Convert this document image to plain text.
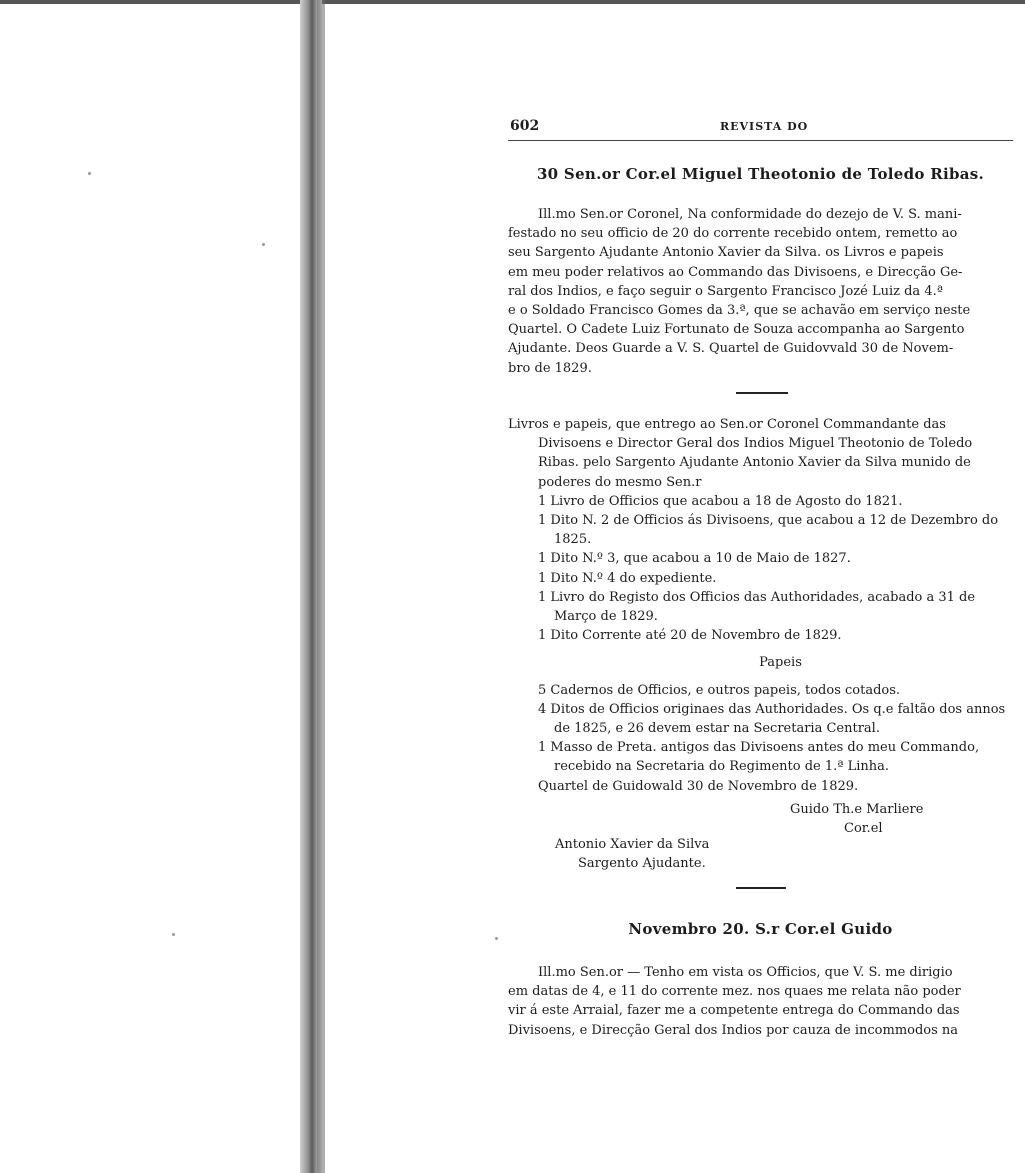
602	REVISTA DO
30 Sen.or Cor.el Miguel Theotonio de Toledo Ribas.
Ill.mo Sen.or Coronel, Na conformidade do dezejo de V. S. mani-
festado no seu officio de 20 do corrente recebido ontem, remetto ao
seu Sargento Ajudante Antonio Xavier da Silva. os Livros e papeis
em meu poder relativos ao Commando das Divisoens, e Direcção Ge-
ral dos Indios, e faço seguir o Sargento Francisco Jozé Luiz da 4.ª
e o Soldado Francisco Gomes da 3.ª, que se achavão em serviço neste
Quartel. O Cadete Luiz Fortunato de Souza accompanha ao Sargento
Ajudante. Deos Guarde a V. S. Quartel de Guidovvald 30 de Novem-
bro de 1829.
Livros e papeis, que entrego ao Sen.or Coronel Commandante das Divisoens e Director Geral dos Indios Miguel Theotonio de Toledo Ribas. pelo Sargento Ajudante Antonio Xavier da Silva munido de poderes do mesmo Sen.r
1 Livro de Officios que acabou a 18 de Agosto do 1821.
1 Dito N. 2 de Officios ás Divisoens, que acabou a 12 de Dezembro do 1825.
1 Dito N.º 3, que acabou a 10 de Maio de 1827.
1 Dito N.º 4 do expediente.
1 Livro do Registo dos Officios das Authoridades, acabado a 31 de Março de 1829.
1 Dito Corrente até 20 de Novembro de 1829.
Papeis
5 Cadernos de Officios, e outros papeis, todos cotados.
4 Ditos de Officios originaes das Authoridades. Os q.e faltão dos annos de 1825, e 26 devem estar na Secretaria Central.
1 Masso de Preta. antigos das Divisoens antes do meu Commando, recebido na Secretaria do Regimento de 1.ª Linha.
Quartel de Guidowald 30 de Novembro de 1829.
Guido Th.e Marliere
Cor.el
Antonio Xavier da Silva
Sargento Ajudante.
Novembro 20. S.r Cor.el Guido
Ill.mo Sen.or — Tenho em vista os Officios, que V. S. me dirigio
em datas de 4, e 11 do corrente mez. nos quaes me relata não poder
vir á este Arraial, fazer me a competente entrega do Commando das
Divisoens, e Direcção Geral dos Indios por cauza de incommodos na
